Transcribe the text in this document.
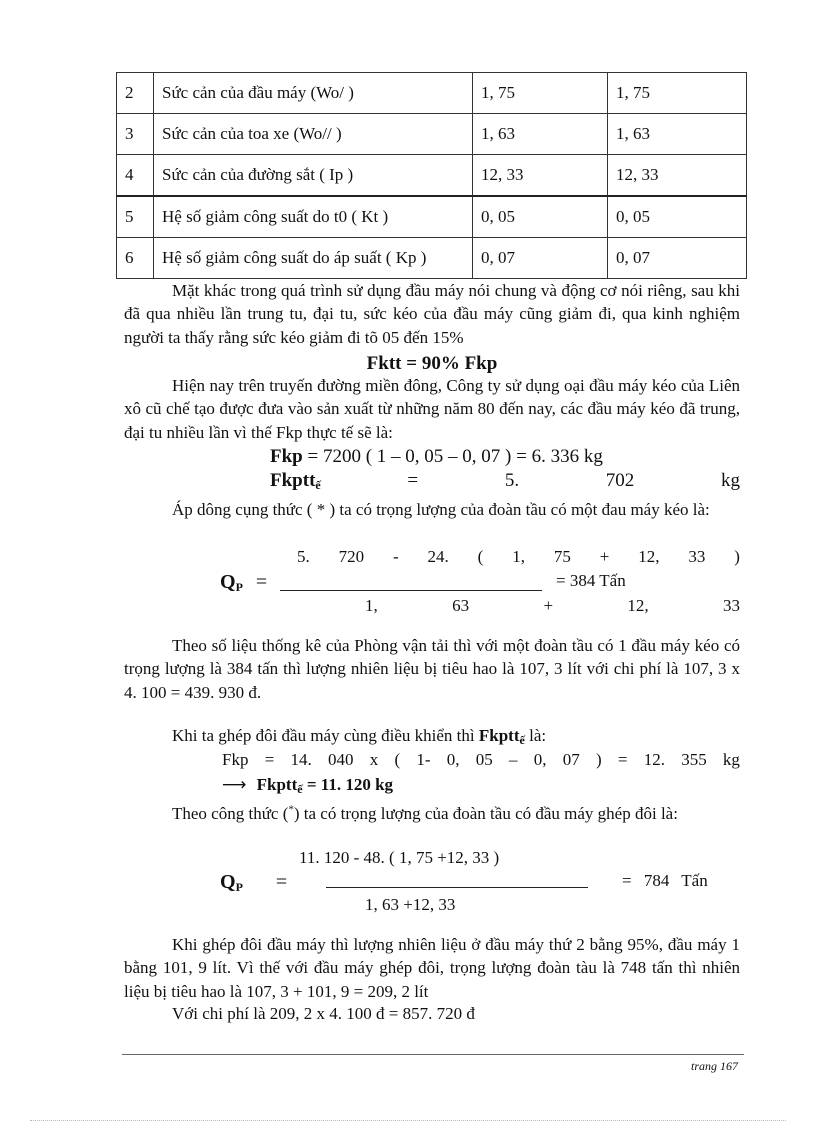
2	Sức cản của đầu máy (Wo/ )	1, 75	1, 75
3	Sức cản của toa xe (Wo// )	1, 63	1, 63
4	Sức cản của đường sắt ( Ip )	12, 33	12, 33
5	Hệ số giảm công suất do t0 ( Kt )	0, 05	0, 05
6	Hệ số giảm công suất do áp suất ( Kp )	0, 07	0, 07
Mặt khác trong quá trình sử dụng đầu máy nói chung và động cơ nói riêng, sau khi đã qua nhiều lần trung tu, đại tu, sức kéo của đầu máy cũng giảm đi, qua kinh nghiệm người ta thấy rằng sức kéo giảm đi tõ 05 đến 15%
Fktt = 90% Fkp
Hiện nay trên truyến đường miền đông, Công ty sử dụng oại đầu máy kéo của Liên xô cũ chế tạo được đưa vào sản xuất từ những năm 80 đến nay, các đầu máy kéo đã trung, đại tu nhiều lần vì thế Fkp thực tế sẽ là:
Fkp = 7200 ( 1 – 0, 05 – 0, 07 ) = 6. 336 kg
Fkptt$_ế$	=	5.	702	kg
Áp dông cụng thức ( * ) ta có trọng lượng của đoàn tầu có một đau máy kéo là:
5. 720 - 24. ( 1, 75 + 12, 33 )
$Q_P$ =	= 384 Tấn
1,	63	+	12,	33
Theo số liệu thống kê của Phòng vận tải thì với một đoàn tầu có 1 đầu máy kéo có trọng lượng là 384 tấn thì lượng nhiên liệu bị tiêu hao là 107, 3 lít với chi phí là 107, 3 x 4. 100 = 439. 930 đ.
Khi ta ghép đôi đầu máy cùng điều khiển thì Fkptt$_ế$ là:
Fkp = 14. 040 x ( 1- 0, 05 – 0, 07 ) = 12. 355 kg
⟶ Fkptt$_ế$ = 11. 120 kg
Theo công thức (*) ta có trọng lượng của đoàn tầu có đầu máy ghép đôi là:
11. 120 - 48. ( 1, 75 +12, 33 )
$Q_P$ =
1, 63 +12, 33
= 784 Tấn
Khi ghép đôi đầu máy thì lượng nhiên liệu ở đầu máy thứ 2 bằng 95%, đầu máy 1 bằng 101, 9 lít. Vì thế với đầu máy ghép đôi, trọng lượng đoàn tàu là 748 tấn thì nhiên liệu bị tiêu hao là 107, 3 + 101, 9 = 209, 2 lít
Với chi phí là 209, 2 x 4. 100 đ = 857. 720 đ
trang 167
